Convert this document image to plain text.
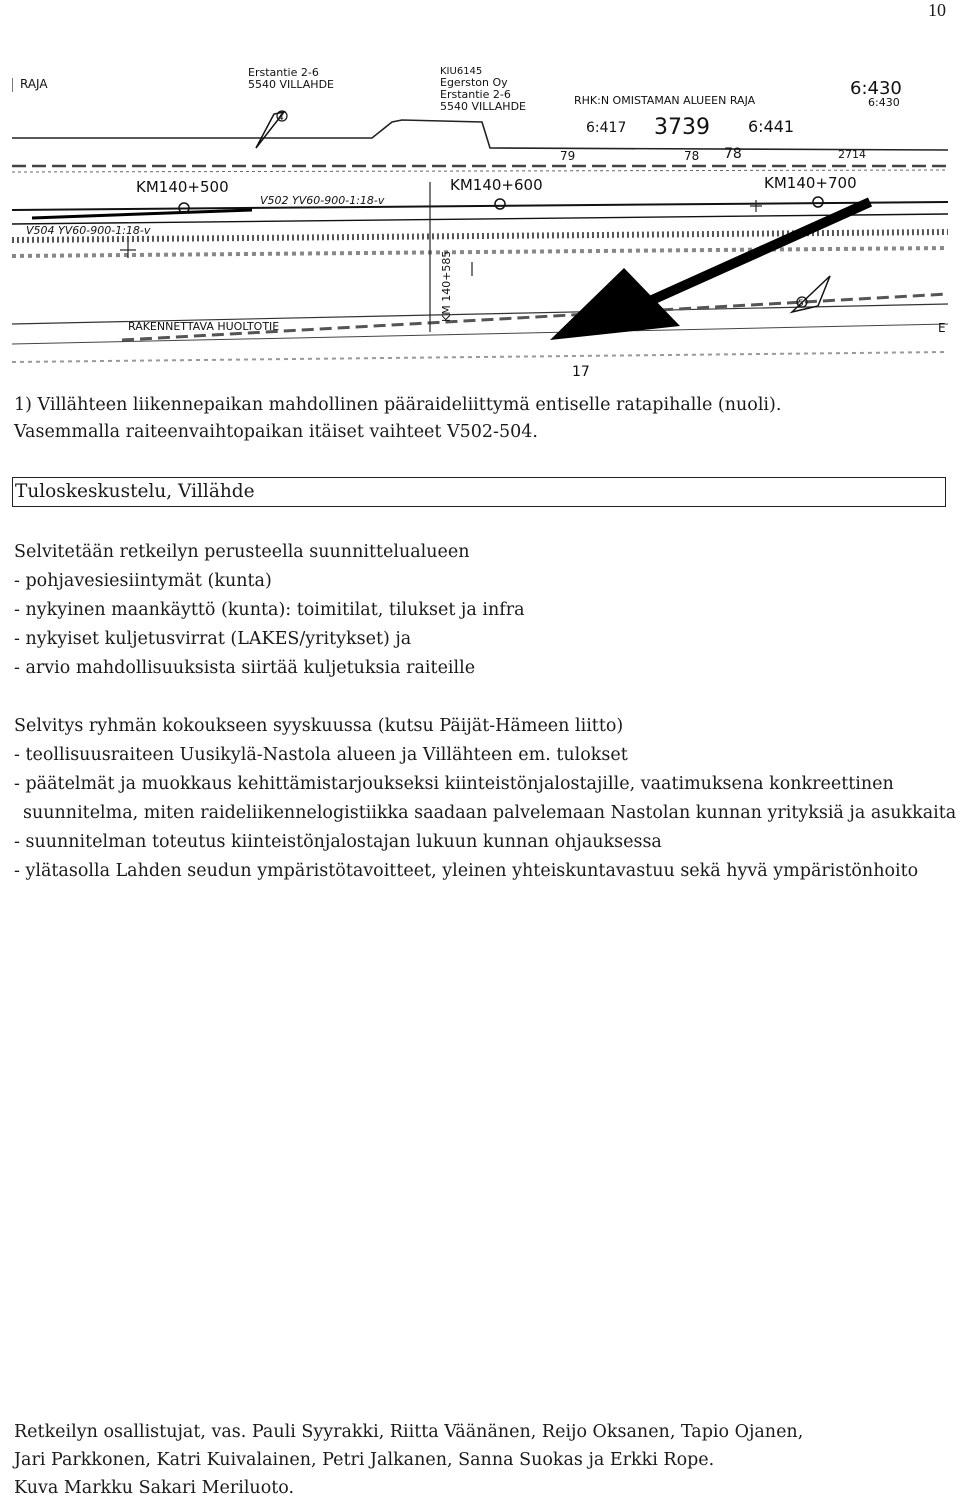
10
RAJA
Erstantie 2-6
5540 VILLAHDE
KIU6145
Egerston Oy
Erstantie 2-6
5540 VILLAHDE	RHK:N OMISTAMAN ALUEEN RAJA
6:417 3739 6:441
6:430
6:430
KM140+500	KM140+600	KM140+700
V502 YV60-900-1:18-v
V504 YV60-900-1:18-v
RAKENNETTAVA HUOLTOTIE
KM 140+585
79	78 78	2714
17
4
5
E

1) Villähteen liikennepaikan mahdollinen pääraideliittymä entiselle ratapihalle (nuoli).

Vasemmalla raiteenvaihtopaikan itäiset vaihteet V502-504.

Tuloskeskustelu, Villähde
Selvitetään retkeilyn perusteella suunnittelualueen
- pohjavesiesiintymät (kunta)
- nykyinen maankäyttö (kunta): toimitilat, tilukset ja infra
- nykyiset kuljetusvirrat (LAKES/yritykset) ja
- arvio mahdollisuuksista siirtää kuljetuksia raiteille
Selvitys ryhmän kokoukseen syyskuussa (kutsu Päijät-Hämeen liitto)
- teollisuusraiteen Uusikylä-Nastola alueen ja Villähteen em. tulokset
- päätelmät ja muokkaus kehittämistarjoukseksi kiinteistönjalostajille, vaatimuksena konkreettinen
suunnitelma, miten raideliikennelogistiikka saadaan palvelemaan Nastolan kunnan yrityksiä ja asukkaita
- suunnitelman toteutus kiinteistönjalostajan lukuun kunnan ohjauksessa
- ylätasolla Lahden seudun ympäristötavoitteet, yleinen yhteiskuntavastuu sekä hyvä ympäristönhoito
Retkeilyn osallistujat, vas. Pauli Syyrakki, Riitta Väänänen, Reijo Oksanen, Tapio Ojanen,
Jari Parkkonen, Katri Kuivalainen, Petri Jalkanen, Sanna Suokas ja Erkki Rope.
Kuva Markku Sakari Meriluoto.
